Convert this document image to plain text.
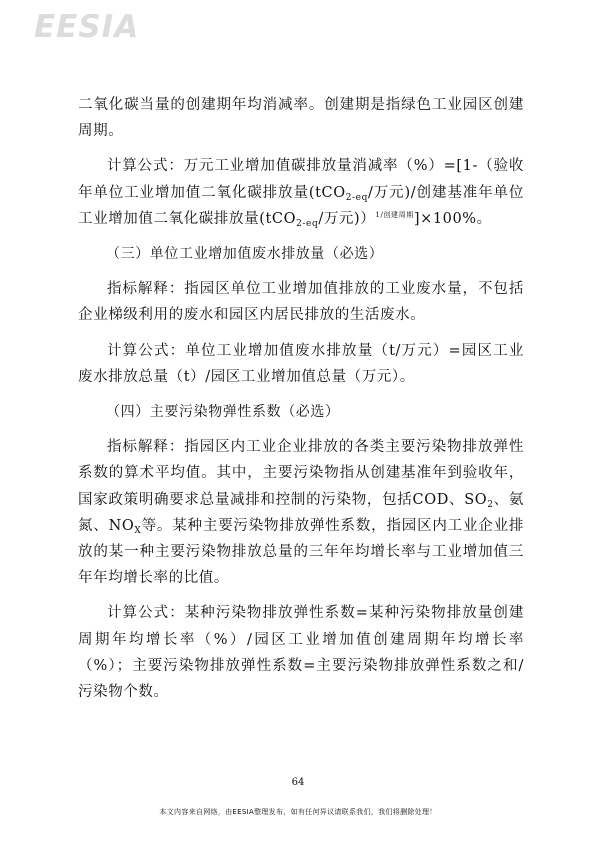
EESIA

二氧化碳当量的创建期年均消减率。创建期是指绿色工业园区创建周期。

计算公式：万元工业增加值碳排放量消减率（%）=[1-（验收年单位工业增加值二氧化碳排放量(tCO$_{2-eq}$/万元)/创建基准年单位工业增加值二氧化碳排放量(tCO$_{2-eq}$/万元)）$^{1/创建周期}$]×100%。

（三）单位工业增加值废水排放量（必选）

指标解释：指园区单位工业增加值排放的工业废水量，不包括企业梯级利用的废水和园区内居民排放的生活废水。

计算公式：单位工业增加值废水排放量（t/万元）=园区工业废水排放总量（t）/园区工业增加值总量（万元）。

（四）主要污染物弹性系数（必选）

指标解释：指园区内工业企业排放的各类主要污染物排放弹性系数的算术平均值。其中，主要污染物指从创建基准年到验收年，国家政策明确要求总量减排和控制的污染物，包括COD、$SO_2$、氨氮、$NO_X$等。某种主要污染物排放弹性系数，指园区内工业企业排放的某一种主要污染物排放总量的三年年均增长率与工业增加值三年年均增长率的比值。

计算公式：某种污染物排放弹性系数=某种污染物排放量创建周期年均增长率（%）/园区工业增加值创建周期年均增长率（%）；主要污染物排放弹性系数=主要污染物排放弹性系数之和/污染物个数。

64
本文内容来自网络，由EESIA整理发布，如有任何异议请联系我们，我们将删除处理！
